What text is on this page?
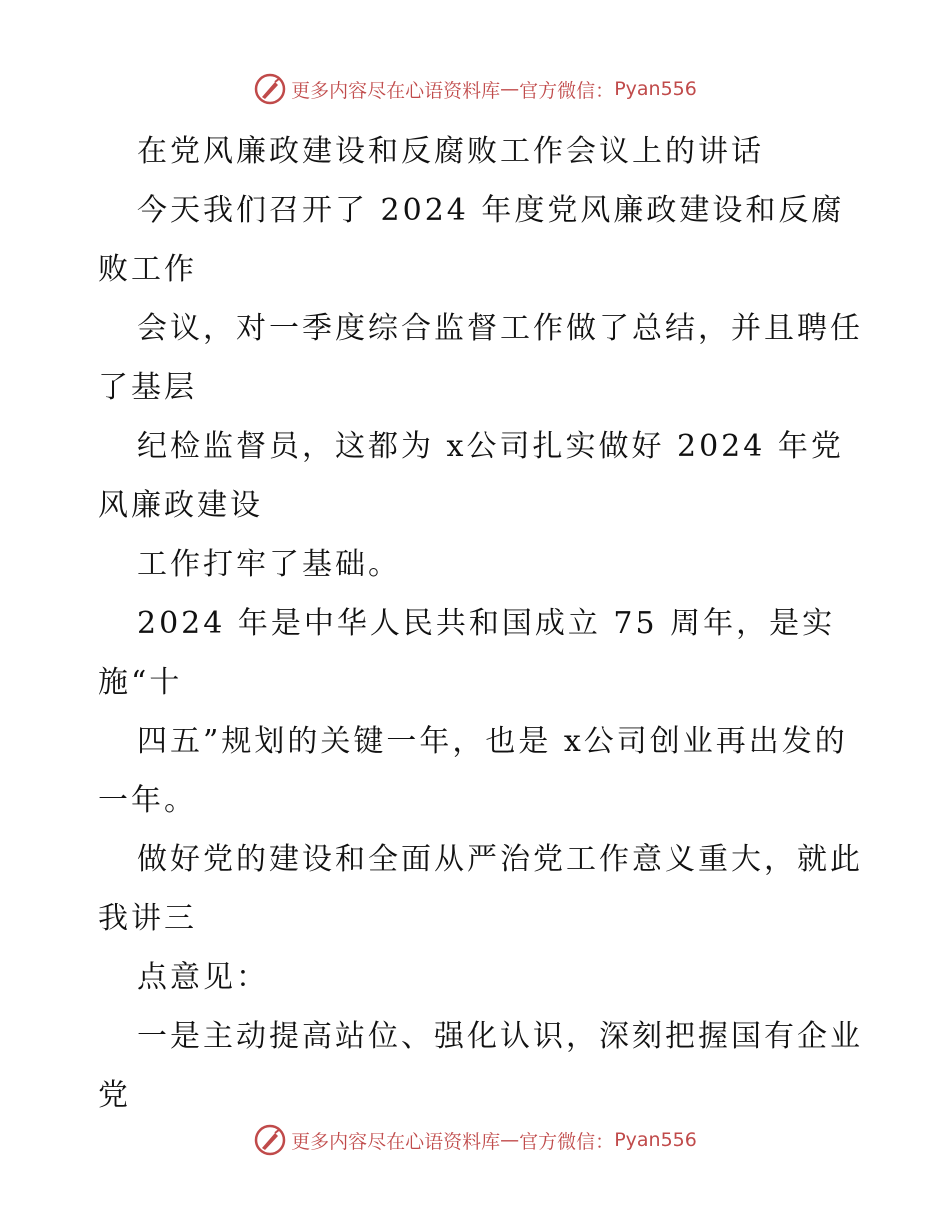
更多内容尽在心语资料库 — 官方微信： Pyan556

在党风廉政建设和反腐败工作会议上的讲话

今天我们召开了 2024 年度党风廉政建设和反腐败工作

会议，对一季度综合监督工作做了总结，并且聘任了基层

纪检监督员，这都为 x公司扎实做好 2024 年党风廉政建设

工作打牢了基础。

2024 年是中华人民共和国成立 75 周年，是实施“十

四五”规划的关键一年，也是 x公司创业再出发的一年。

做好党的建设和全面从严治党工作意义重大，就此我讲三

点意见：

一是主动提高站位、强化认识，深刻把握国有企业党

更多内容尽在心语资料库 — 官方微信： Pyan556
